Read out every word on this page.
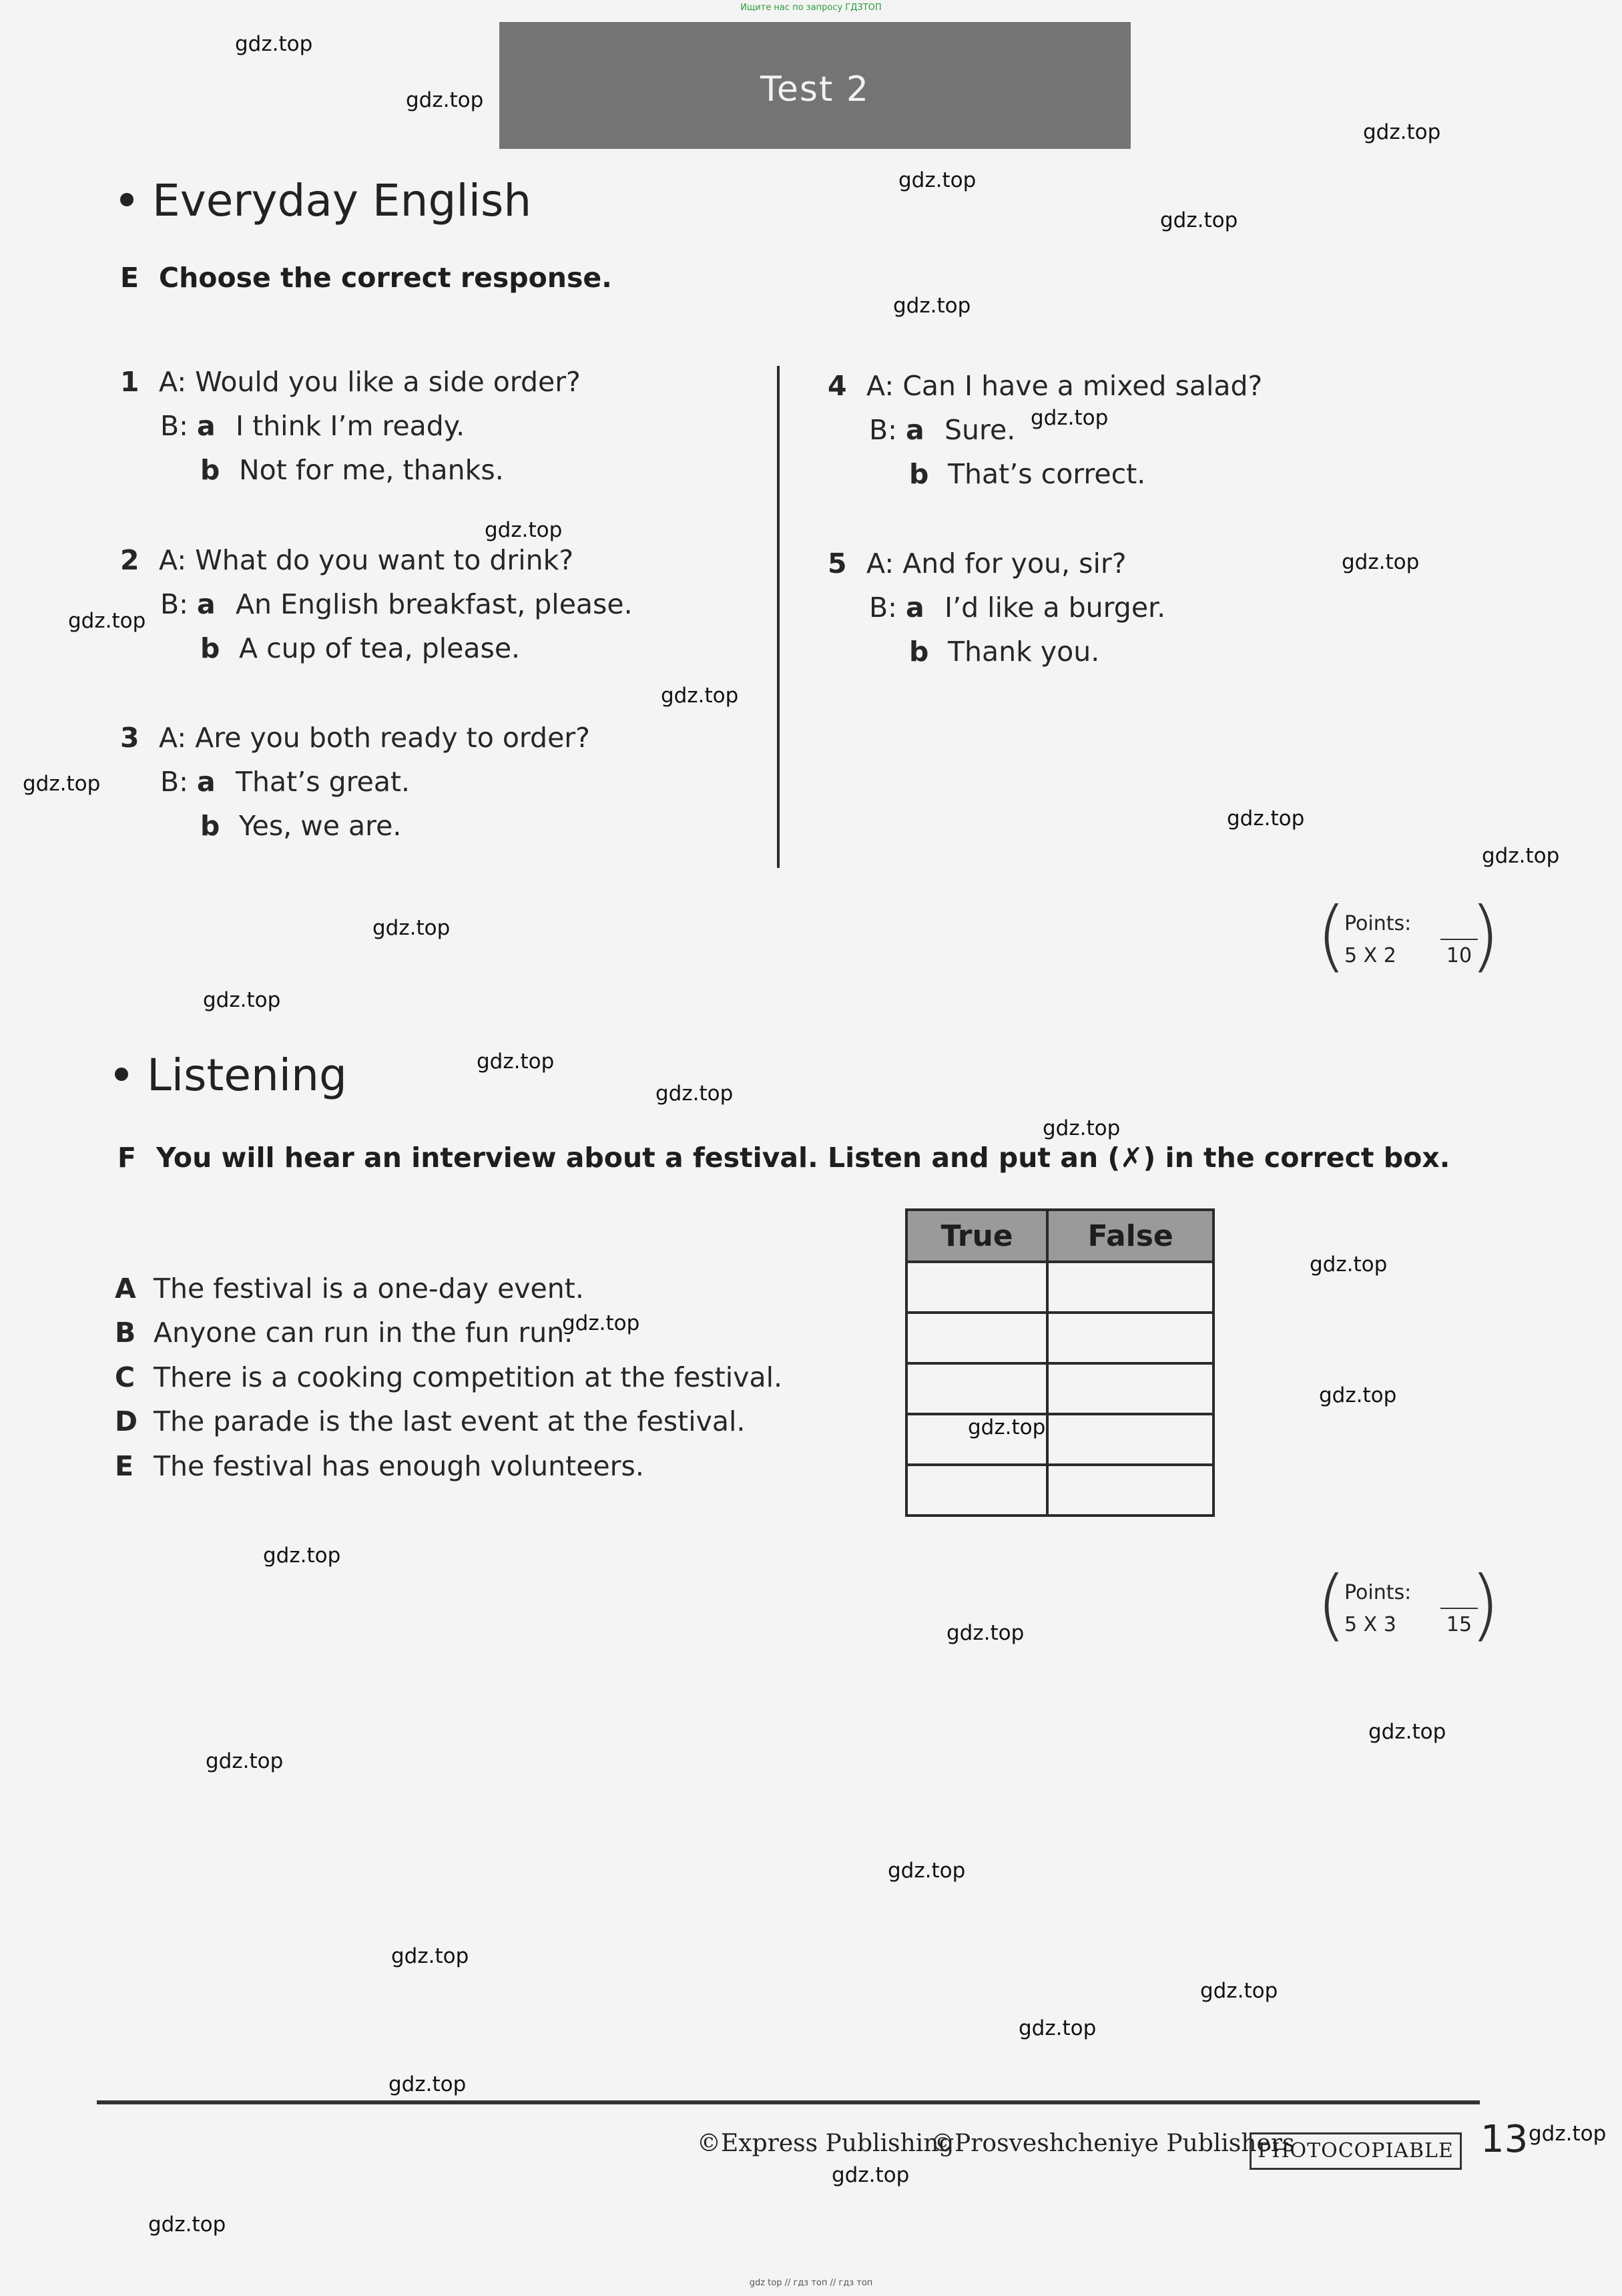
Ищите нас по запросу ГДЗТОП
Test 2
Everyday English
E Choose the correct response.
1 A: Would you like a side order?
B: a I think I’m ready.
b Not for me, thanks.
2 A: What do you want to drink?
B: a An English breakfast, please.
b A cup of tea, please.
3 A: Are you both ready to order?
B: a That’s great.
b Yes, we are.
4 A: Can I have a mixed salad?
B: a Sure.
b That’s correct.
5 A: And for you, sir?
B: a I’d like a burger.
b Thank you.
(
Points:
5 X 2	10
)
Listening
F You will hear an interview about a festival. Listen and put an (✗) in the correct box.
A The festival is a one-day event.
B Anyone can run in the fun run.
C There is a cooking competition at the festival.
D The parade is the last event at the festival.
E The festival has enough volunteers.
True	False

(
Points:
5 X 3	15
)
©Express Publishing
©Prosveshcheniye Publishers
PHOTOCOPIABLE 13
gdz.top
gdz.top
gdz.top
gdz.top
gdz.top
gdz.top
gdz.top
gdz.top
gdz.top
gdz.top
gdz.top
gdz.top
gdz.top
gdz.top
gdz.top
gdz.top
gdz.top
gdz.top
gdz.top
gdz.top
gdz.top
gdz.top
gdz.top
gdz.top
gdz.top
gdz.top
gdz.top
gdz.top
gdz.top
gdz.top
gdz.top
gdz.top
gdz.top
gdz.top
gdz.top
gdz top // гдз топ // гдз топ
